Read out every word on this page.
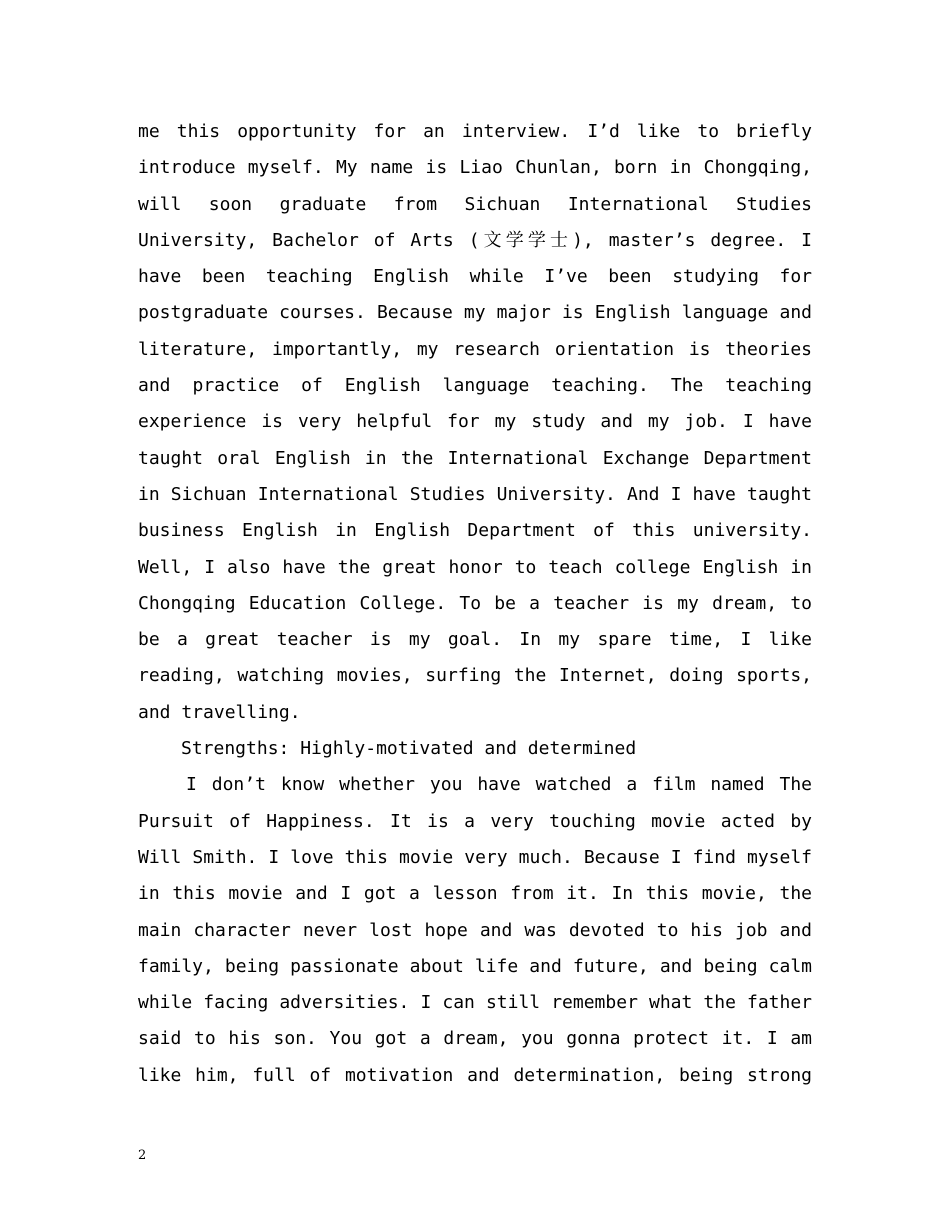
me this opportunity for an interview. I’d like to briefly
introduce myself. My name is Liao Chunlan, born in Chongqing,
will soon graduate from Sichuan International Studies
University, Bachelor of Arts (文学学士), master’s degree. I
have been teaching English while I’ve been studying for
postgraduate courses. Because my major is English language and
literature, importantly, my research orientation is theories
and practice of English language teaching. The teaching
experience is very helpful for my study and my job. I have
taught oral English in the International Exchange Department
in Sichuan International Studies University. And I have taught
business English in English Department of this university.
Well, I also have the great honor to teach college English in
Chongqing Education College. To be a teacher is my dream, to
be a great teacher is my goal. In my spare time, I like
reading, watching movies, surfing the Internet, doing sports,
and travelling.
Strengths: Highly-motivated and determined
I don’t know whether you have watched a film named The
Pursuit of Happiness. It is a very touching movie acted by
Will Smith. I love this movie very much. Because I find myself
in this movie and I got a lesson from it. In this movie, the
main character never lost hope and was devoted to his job and
family, being passionate about life and future, and being calm
while facing adversities. I can still remember what the father
said to his son. You got a dream, you gonna protect it. I am
like him, full of motivation and determination, being strong
2
